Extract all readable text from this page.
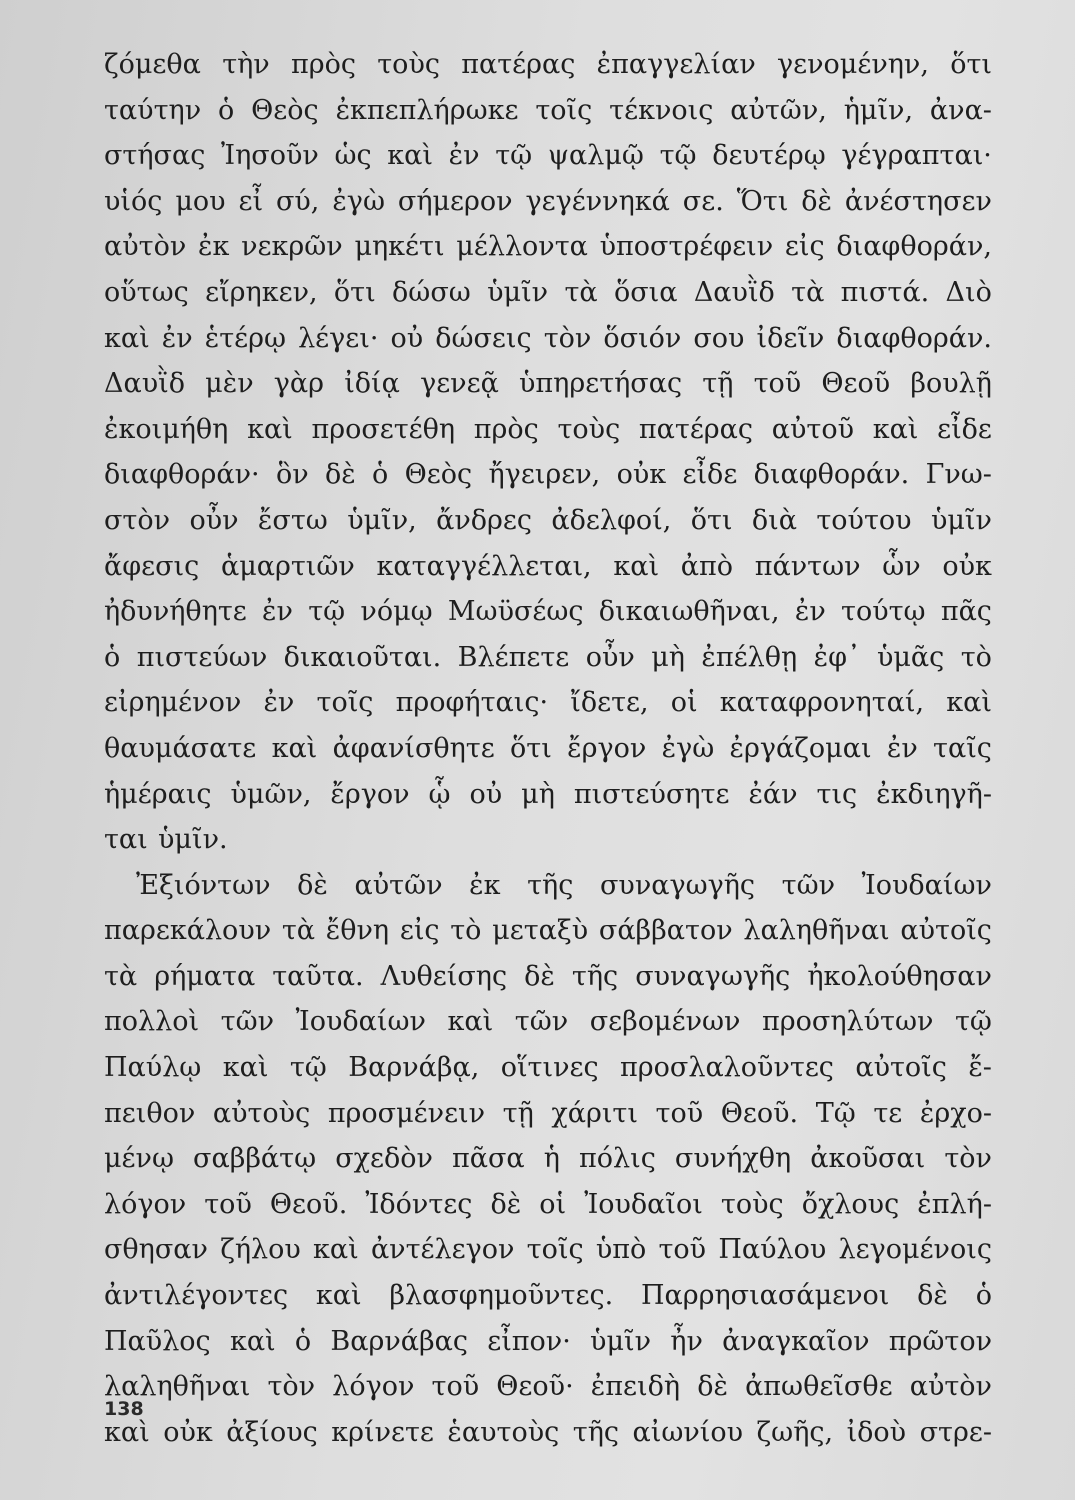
ζόμεθα τὴν πρὸς τοὺς πατέρας ἐπαγγελίαν γενομένην, ὅτι
ταύτην ὁ Θεὸς ἐκπεπλήρωκε τοῖς τέκνοις αὐτῶν, ἡμῖν, ἀνα-
στήσας Ἰησοῦν ὡς καὶ ἐν τῷ ψαλμῷ τῷ δευτέρῳ γέγραπται·
υἱός μου εἶ σύ, ἐγὼ σήμερον γεγέννηκά σε. Ὅτι δὲ ἀνέστησεν
αὐτὸν ἐκ νεκρῶν μηκέτι μέλλοντα ὑποστρέφειν εἰς διαφθοράν,
οὕτως εἴρηκεν, ὅτι δώσω ὑμῖν τὰ ὅσια Δαυῒδ τὰ πιστά. Διὸ
καὶ ἐν ἑτέρῳ λέγει· οὐ δώσεις τὸν ὅσιόν σου ἰδεῖν διαφθοράν.
Δαυῒδ μὲν γὰρ ἰδίᾳ γενεᾷ ὑπηρετήσας τῇ τοῦ Θεοῦ βουλῇ
ἐκοιμήθη καὶ προσετέθη πρὸς τοὺς πατέρας αὐτοῦ καὶ εἶδε
διαφθοράν· ὃν δὲ ὁ Θεὸς ἤγειρεν, οὐκ εἶδε διαφθοράν. Γνω-
στὸν οὖν ἔστω ὑμῖν, ἄνδρες ἀδελφοί, ὅτι διὰ τούτου ὑμῖν
ἄφεσις ἁμαρτιῶν καταγγέλλεται, καὶ ἀπὸ πάντων ὧν οὐκ
ἠδυνήθητε ἐν τῷ νόμῳ Μωϋσέως δικαιωθῆναι, ἐν τούτῳ πᾶς
ὁ πιστεύων δικαιοῦται. Βλέπετε οὖν μὴ ἐπέλθῃ ἐφ᾿ ὑμᾶς τὸ
εἰρημένον ἐν τοῖς προφήταις· ἴδετε, οἱ καταφρονηταί, καὶ
θαυμάσατε καὶ ἀφανίσθητε ὅτι ἔργον ἐγὼ ἐργάζομαι ἐν ταῖς
ἡμέραις ὑμῶν, ἔργον ᾧ οὐ μὴ πιστεύσητε ἐάν τις ἐκδιηγῆ-
ται ὑμῖν.
Ἐξιόντων δὲ αὐτῶν ἐκ τῆς συναγωγῆς τῶν Ἰουδαίων
παρεκάλουν τὰ ἔθνη εἰς τὸ μεταξὺ σάββατον λαληθῆναι αὐτοῖς
τὰ ρήματα ταῦτα. Λυθείσης δὲ τῆς συναγωγῆς ἠκολούθησαν
πολλοὶ τῶν Ἰουδαίων καὶ τῶν σεβομένων προσηλύτων τῷ
Παύλῳ καὶ τῷ Βαρνάβᾳ, οἵτινες προσλαλοῦντες αὐτοῖς ἔ-
πειθον αὐτοὺς προσμένειν τῇ χάριτι τοῦ Θεοῦ. Τῷ τε ἐρχο-
μένῳ σαββάτῳ σχεδὸν πᾶσα ἡ πόλις συνήχθη ἀκοῦσαι τὸν
λόγον τοῦ Θεοῦ. Ἰδόντες δὲ οἱ Ἰουδαῖοι τοὺς ὄχλους ἐπλή-
σθησαν ζήλου καὶ ἀντέλεγον τοῖς ὑπὸ τοῦ Παύλου λεγομένοις
ἀντιλέγοντες καὶ βλασφημοῦντες. Παρρησιασάμενοι δὲ ὁ
Παῦλος καὶ ὁ Βαρνάβας εἶπον· ὑμῖν ἦν ἀναγκαῖον πρῶτον
λαληθῆναι τὸν λόγον τοῦ Θεοῦ· ἐπειδὴ δὲ ἀπωθεῖσθε αὐτὸν
καὶ οὐκ ἀξίους κρίνετε ἑαυτοὺς τῆς αἰωνίου ζωῆς, ἰδοὺ στρε-
138
